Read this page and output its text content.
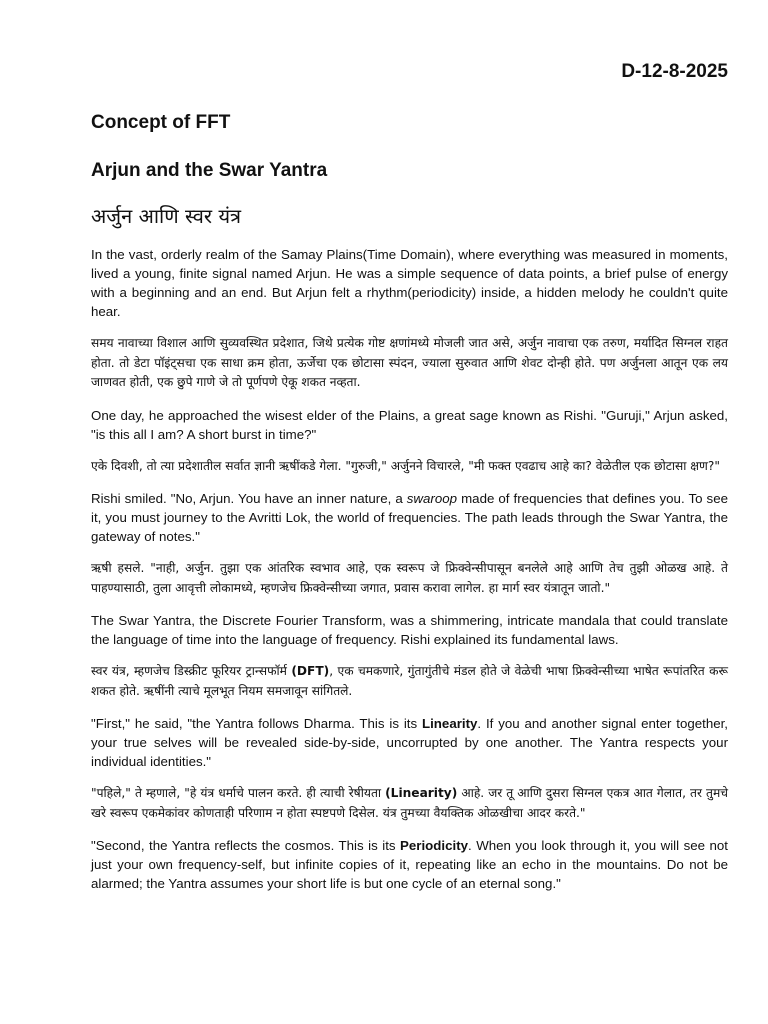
D-12-8-2025
Concept of FFT
Arjun and the Swar Yantra
अर्जुन आणि स्वर यंत्र

In the vast, orderly realm of the Samay Plains(Time Domain), where everything was measured in moments, lived a young, finite signal named Arjun. He was a simple sequence of data points, a brief pulse of energy with a beginning and an end. But Arjun felt a rhythm(periodicity) inside, a hidden melody he couldn't quite hear.

समय नावाच्या विशाल आणि सुव्यवस्थित प्रदेशात, जिथे प्रत्येक गोष्ट क्षणांमध्ये मोजली जात असे, अर्जुन नावाचा एक तरुण, मर्यादित सिग्नल राहत होता. तो डेटा पॉइंट्सचा एक साधा क्रम होता, ऊर्जेचा एक छोटासा स्पंदन, ज्याला सुरुवात आणि शेवट दोन्ही होते. पण अर्जुनला आतून एक लय जाणवत होती, एक छुपे गाणे जे तो पूर्णपणे ऐकू शकत नव्हता.

One day, he approached the wisest elder of the Plains, a great sage known as Rishi. "Guruji," Arjun asked, "is this all I am? A short burst in time?"

एके दिवशी, तो त्या प्रदेशातील सर्वात ज्ञानी ऋषींकडे गेला. "गुरुजी," अर्जुनने विचारले, "मी फक्त एवढाच आहे का? वेळेतील एक छोटासा क्षण?"

Rishi smiled. "No, Arjun. You have an inner nature, a swaroop made of frequencies that defines you. To see it, you must journey to the Avritti Lok, the world of frequencies. The path leads through the Swar Yantra, the gateway of notes."

ऋषी हसले. "नाही, अर्जुन. तुझा एक आंतरिक स्वभाव आहे, एक स्वरूप जे फ्रिक्वेन्सीपासून बनलेले आहे आणि तेच तुझी ओळख आहे. ते पाहण्यासाठी, तुला आवृत्ती लोकामध्ये, म्हणजेच फ्रिक्वेन्सीच्या जगात, प्रवास करावा लागेल. हा मार्ग स्वर यंत्रातून जातो."

The Swar Yantra, the Discrete Fourier Transform, was a shimmering, intricate mandala that could translate the language of time into the language of frequency. Rishi explained its fundamental laws.

स्वर यंत्र, म्हणजेच डिस्क्रीट फूरियर ट्रान्सफॉर्म (DFT), एक चमकणारे, गुंतागुंतीचे मंडल होते जे वेळेची भाषा फ्रिक्वेन्सीच्या भाषेत रूपांतरित करू शकत होते. ऋषींनी त्याचे मूलभूत नियम समजावून सांगितले.

"First," he said, "the Yantra follows Dharma. This is its Linearity. If you and another signal enter together, your true selves will be revealed side-by-side, uncorrupted by one another. The Yantra respects your individual identities."

"पहिले," ते म्हणाले, "हे यंत्र धर्माचे पालन करते. ही त्याची रेषीयता (Linearity) आहे. जर तू आणि दुसरा सिग्नल एकत्र आत गेलात, तर तुमचे खरे स्वरूप एकमेकांवर कोणताही परिणाम न होता स्पष्टपणे दिसेल. यंत्र तुमच्या वैयक्तिक ओळखीचा आदर करते."

"Second, the Yantra reflects the cosmos. This is its Periodicity. When you look through it, you will see not just your own frequency-self, but infinite copies of it, repeating like an echo in the mountains. Do not be alarmed; the Yantra assumes your short life is but one cycle of an eternal song."
